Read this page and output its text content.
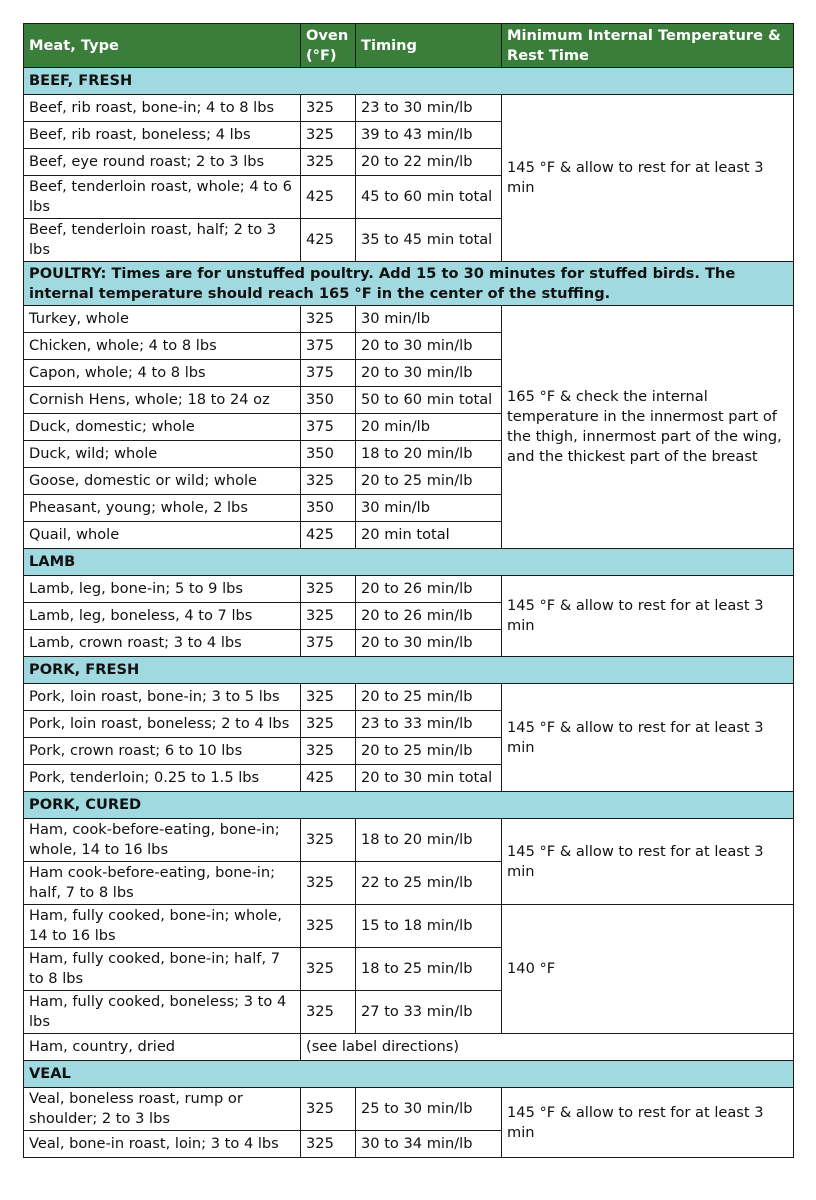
Meat, Type	Oven (°F)	Timing	Minimum Internal Temperature & Rest Time
BEEF, FRESH			
Beef, rib roast, bone-in; 4 to 8 lbs	325	23 to 30 min/lb	145 °F & allow to rest for at least 3 min
Beef, rib roast, boneless; 4 lbs	325	39 to 43 min/lb	
Beef, eye round roast; 2 to 3 lbs	325	20 to 22 min/lb	
Beef, tenderloin roast, whole; 4 to 6 lbs	425	45 to 60 min total	
Beef, tenderloin roast, half; 2 to 3 lbs	425	35 to 45 min total	
POULTRY: Times are for unstuffed poultry. Add 15 to 30 minutes for stuffed birds. The internal temperature should reach 165 °F in the center of the stuffing.			
Turkey, whole	325	30 min/lb	165 °F & check the internal temperature in the innermost part of the thigh, innermost part of the wing, and the thickest part of the breast
Chicken, whole; 4 to 8 lbs	375	20 to 30 min/lb	
Capon, whole; 4 to 8 lbs	375	20 to 30 min/lb	
Cornish Hens, whole; 18 to 24 oz	350	50 to 60 min total	
Duck, domestic; whole	375	20 min/lb	
Duck, wild; whole	350	18 to 20 min/lb	
Goose, domestic or wild; whole	325	20 to 25 min/lb	
Pheasant, young; whole, 2 lbs	350	30 min/lb	
Quail, whole	425	20 min total	
LAMB			
Lamb, leg, bone-in; 5 to 9 lbs	325	20 to 26 min/lb	145 °F & allow to rest for at least 3 min
Lamb, leg, boneless, 4 to 7 lbs	325	20 to 26 min/lb	
Lamb, crown roast; 3 to 4 lbs	375	20 to 30 min/lb	
PORK, FRESH			
Pork, loin roast, bone-in; 3 to 5 lbs	325	20 to 25 min/lb	145 °F & allow to rest for at least 3 min
Pork, loin roast, boneless; 2 to 4 lbs	325	23 to 33 min/lb	
Pork, crown roast; 6 to 10 lbs	325	20 to 25 min/lb	
Pork, tenderloin; 0.25 to 1.5 lbs	425	20 to 30 min total	
PORK, CURED			
Ham, cook-before-eating, bone-in; whole, 14 to 16 lbs	325	18 to 20 min/lb	145 °F & allow to rest for at least 3 min
Ham cook-before-eating, bone-in; half, 7 to 8 lbs	325	22 to 25 min/lb	
Ham, fully cooked, bone-in; whole, 14 to 16 lbs	325	15 to 18 min/lb	140 °F
Ham, fully cooked, bone-in; half, 7 to 8 lbs	325	18 to 25 min/lb	
Ham, fully cooked, boneless; 3 to 4 lbs	325	27 to 33 min/lb	
Ham, country, dried	(see label directions)		
VEAL			
Veal, boneless roast, rump or shoulder; 2 to 3 lbs	325	25 to 30 min/lb	145 °F & allow to rest for at least 3 min
Veal, bone-in roast, loin; 3 to 4 lbs	325	30 to 34 min/lb	
